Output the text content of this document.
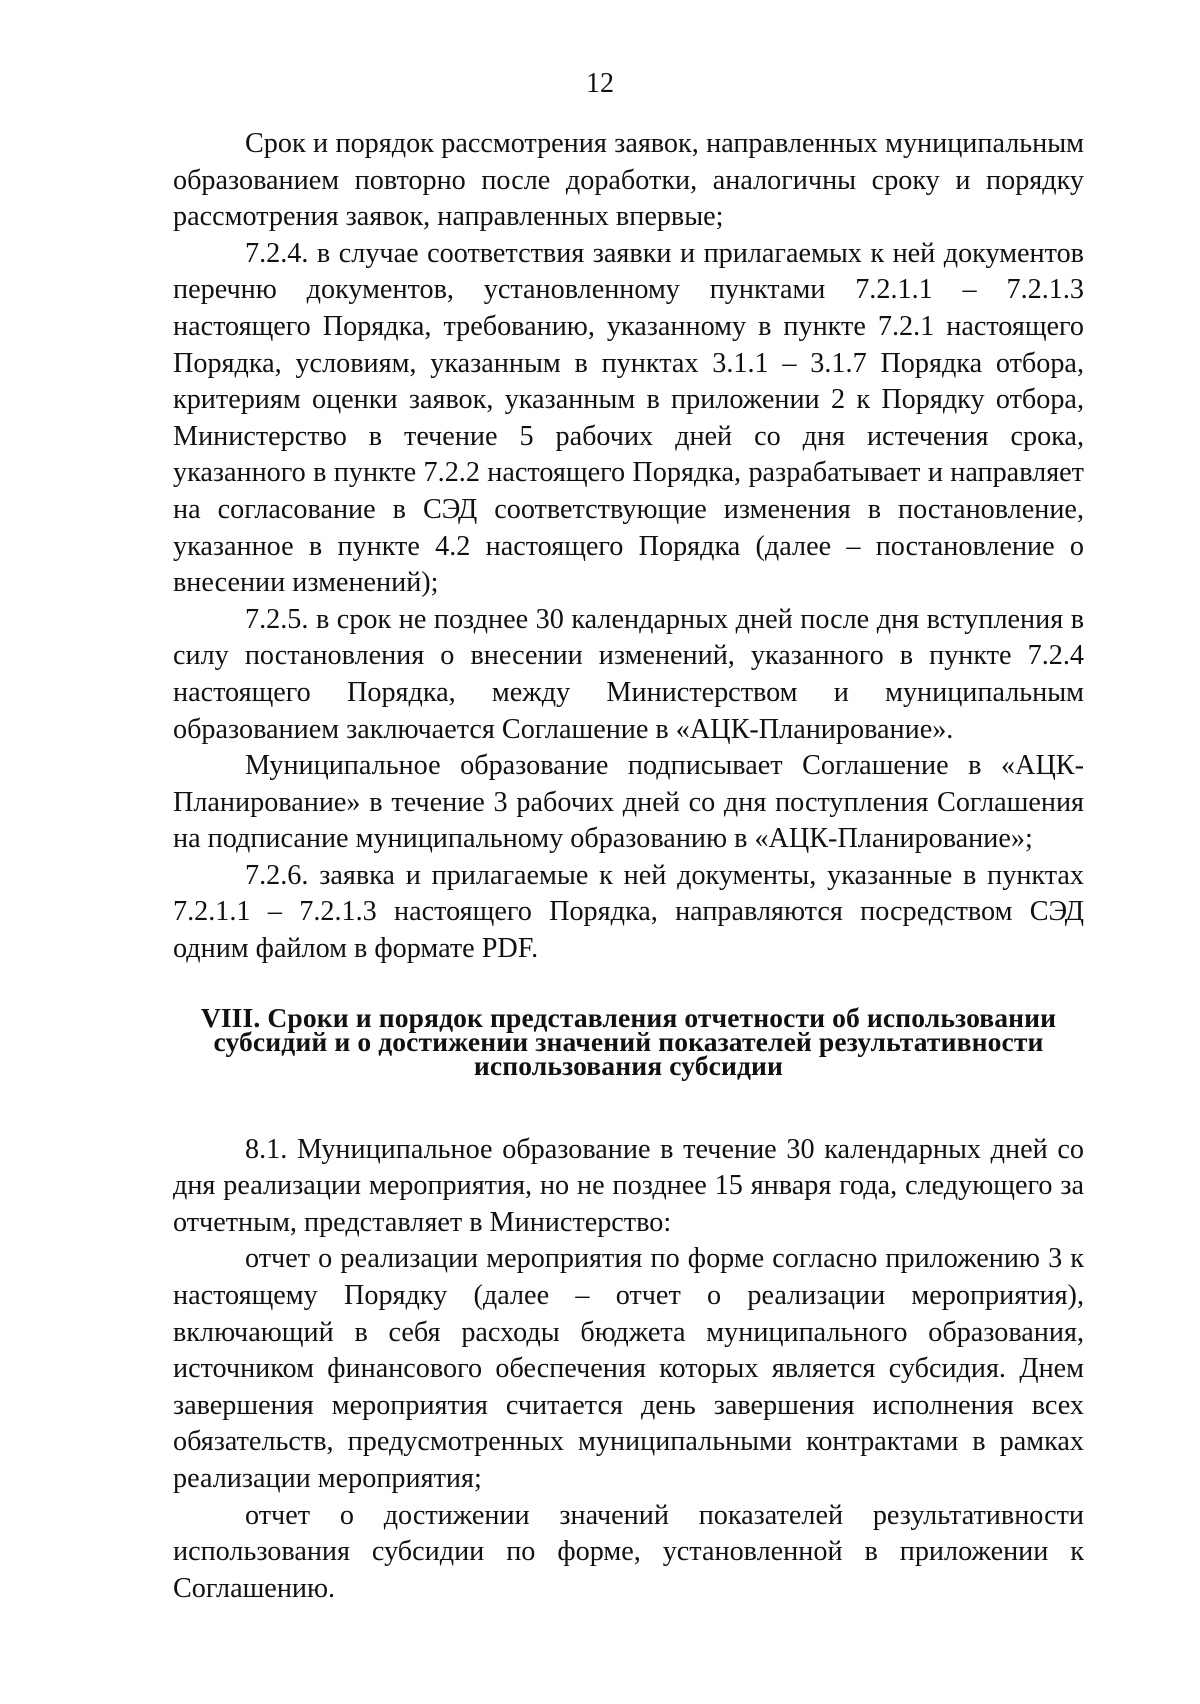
12

Срок и порядок рассмотрения заявок, направленных муниципальным образованием повторно после доработки, аналогичны сроку и порядку рассмотрения заявок, направленных впервые;

7.2.4. в случае соответствия заявки и прилагаемых к ней документов перечню документов, установленному пунктами 7.2.1.1 – 7.2.1.3 настоящего Порядка, требованию, указанному в пункте 7.2.1 настоящего Порядка, условиям, указанным в пунктах 3.1.1 – 3.1.7 Порядка отбора, критериям оценки заявок, указанным в приложении 2 к Порядку отбора, Министерство в течение 5 рабочих дней со дня истечения срока, указанного в пункте 7.2.2 настоящего Порядка, разрабатывает и направляет на согласование в СЭД соответствующие изменения в постановление, указанное в пункте 4.2 настоящего Порядка (далее – постановление о внесении изменений);

7.2.5. в срок не позднее 30 календарных дней после дня вступления в силу постановления о внесении изменений, указанного в пункте 7.2.4 настоящего Порядка, между Министерством и муниципальным образованием заключается Соглашение в «АЦК-Планирование».

Муниципальное образование подписывает Соглашение в «АЦК-Планирование» в течение 3 рабочих дней со дня поступления Соглашения на подписание муниципальному образованию в «АЦК-Планирование»;

7.2.6. заявка и прилагаемые к ней документы, указанные в пунктах 7.2.1.1 – 7.2.1.3 настоящего Порядка, направляются посредством СЭД одним файлом в формате PDF.

VIII. Сроки и порядок представления отчетности об использовании
субсидий и о достижении значений показателей результативности
использования субсидии

8.1. Муниципальное образование в течение 30 календарных дней со дня реализации мероприятия, но не позднее 15 января года, следующего за отчетным, представляет в Министерство:

отчет о реализации мероприятия по форме согласно приложению 3 к настоящему Порядку (далее – отчет о реализации мероприятия), включающий в себя расходы бюджета муниципального образования, источником финансового обеспечения которых является субсидия. Днем завершения мероприятия считается день завершения исполнения всех обязательств, предусмотренных муниципальными контрактами в рамках реализации мероприятия;

отчет о достижении значений показателей результативности использования субсидии по форме, установленной в приложении к Соглашению.
